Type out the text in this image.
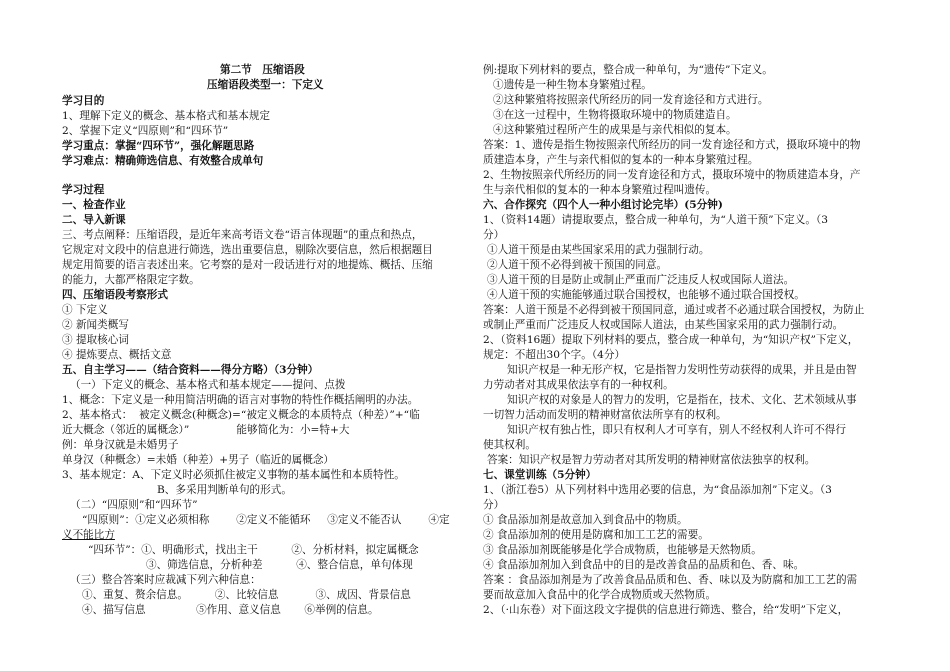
第二节　压缩语段
压缩语段类型一：下定义
学习目的
1、理解下定义的概念、基本格式和基本规定
2、掌握下定义“四原则”和“四环节”
学习重点：掌握“四环节”，强化解题思路
学习难点：精确筛选信息、有效整合成单句
学习过程
一、检查作业
二、导入新课
三、考点阐释：压缩语段，是近年来高考语文卷“语言体现题”的重点和热点，
它规定对文段中的信息进行筛选，选出重要信息，剔除次要信息，然后根据题目
规定用简要的语言表述出来。它考察的是对一段话进行对的地提炼、概括、压缩
的能力，大都严格限定字数。
四、压缩语段考察形式
① 下定义
② 新闻类概写
③ 提取核心词
④ 提炼要点、概括文意
五、自主学习——（结合资料——得分方略）（3分钟）
（一）下定义的概念、基本格式和基本规定——提问、点拨
1、概念：下定义是一种用简洁明确的语言对事物的特性作概括阐明的办法。
2、基本格式：  被定义概念(种概念)=“被定义概念的本质特点（种差）”+“临
近大概念（邻近的属概念）”              能够简化为：小=特+大
例：单身汉就是未婚男子
单身汉（种概念）=未婚（种差）+男子（临近的属概念）
3、基本规定：A、下定义时必须抓住被定义事物的基本属性和本质特性。
B、多采用判断单句的形式。
（二）“四原则”和“四环节”
“四原则”：①定义必须相称        ②定义不能循环     ③定义不能否认        ④定
义不能比方
“四环节”：①、明确形式，找出主干          ②、分析材料，拟定属概念
③、筛选信息，分析种差          ④、整合信息，单句体现
（三）整合答案时应裁减下列六种信息：
①、重复、赘余信息。        ②、比较信息           ③、成因、背景信息
④、描写信息               ⑤作用、意义信息       ⑥举例的信息。
例:提取下列材料的要点，整合成一种单句，为“遗传”下定义。
①遗传是一种生物本身繁殖过程。
②这种繁殖将按照亲代所经历的同一发育途径和方式进行。
③在这一过程中，生物将摄取环境中的物质建造自。
④这种繁殖过程所产生的成果是与亲代相似的复本。
答案：1、遗传是指生物按照亲代所经历的同一发育途径和方式，摄取环境中的物
质建造本身，产生与亲代相似的复本的一种本身繁殖过程。
2、生物按照亲代所经历的同一发育途径和方式，摄取环境中的物质建造本身，产
生与亲代相似的复本的一种本身繁殖过程叫遗传。
六、合作探究（四个人一种小组讨论完毕）(5分钟)
1、（资料14题）请提取要点，整合成一种单句，为“人道干预”下定义。（3
分）
①人道干预是由某些国家采用的武力强制行动。
②人道干预不必得到被干预国的同意。
③人道干预的目是防止或制止严重而广泛违反人权或国际人道法。
④人道干预的实施能够通过联合国授权，也能够不通过联合国授权。
答案：人道干预是不必得到被干预国同意，通过或者不必通过联合国授权，为防止
或制止严重而广泛违反人权或国际人道法，由某些国家采用的武力强制行动。
2、（资料16题）提取下列材料的要点，整合成一种单句，为“知识产权”下定义，
规定：不超出30个字。（4分）
知识产权是一种无形产权，它是指智力发明性劳动获得的成果，并且是由智
力劳动者对其成果依法享有的一种权利。
知识产权的对象是人的智力的发明，它是指在，技术、文化、艺术领域从事
一切智力活动而发明的精神财富依法所享有的权利。
知识产权有独占性，即只有权利人才可享有，别人不经权利人许可不得行
使其权利。
答案：知识产权是智力劳动者对其所发明的精神财富依法独享的权利。
七、课堂训练（5分钟）
1、（浙江卷5）从下列材料中选用必要的信息，为“食品添加剂”下定义。（3
分）
① 食品添加剂是故意加入到食品中的物质。
② 食品添加剂的使用是防腐和加工工艺的需要。
③ 食品添加剂既能够是化学合成物质，也能够是天然物质。
④ 食品添加剂加入到食品中的目的是改善食品的品质和色、香、味。
答案 ：食品添加剂是为了改善食品品质和色、香、味以及为防腐和加工工艺的需
要而故意加入食品中的化学合成物质或天然物质。
2、（·山东卷）对下面这段文字提供的信息进行筛选、整合，给“发明”下定义，
